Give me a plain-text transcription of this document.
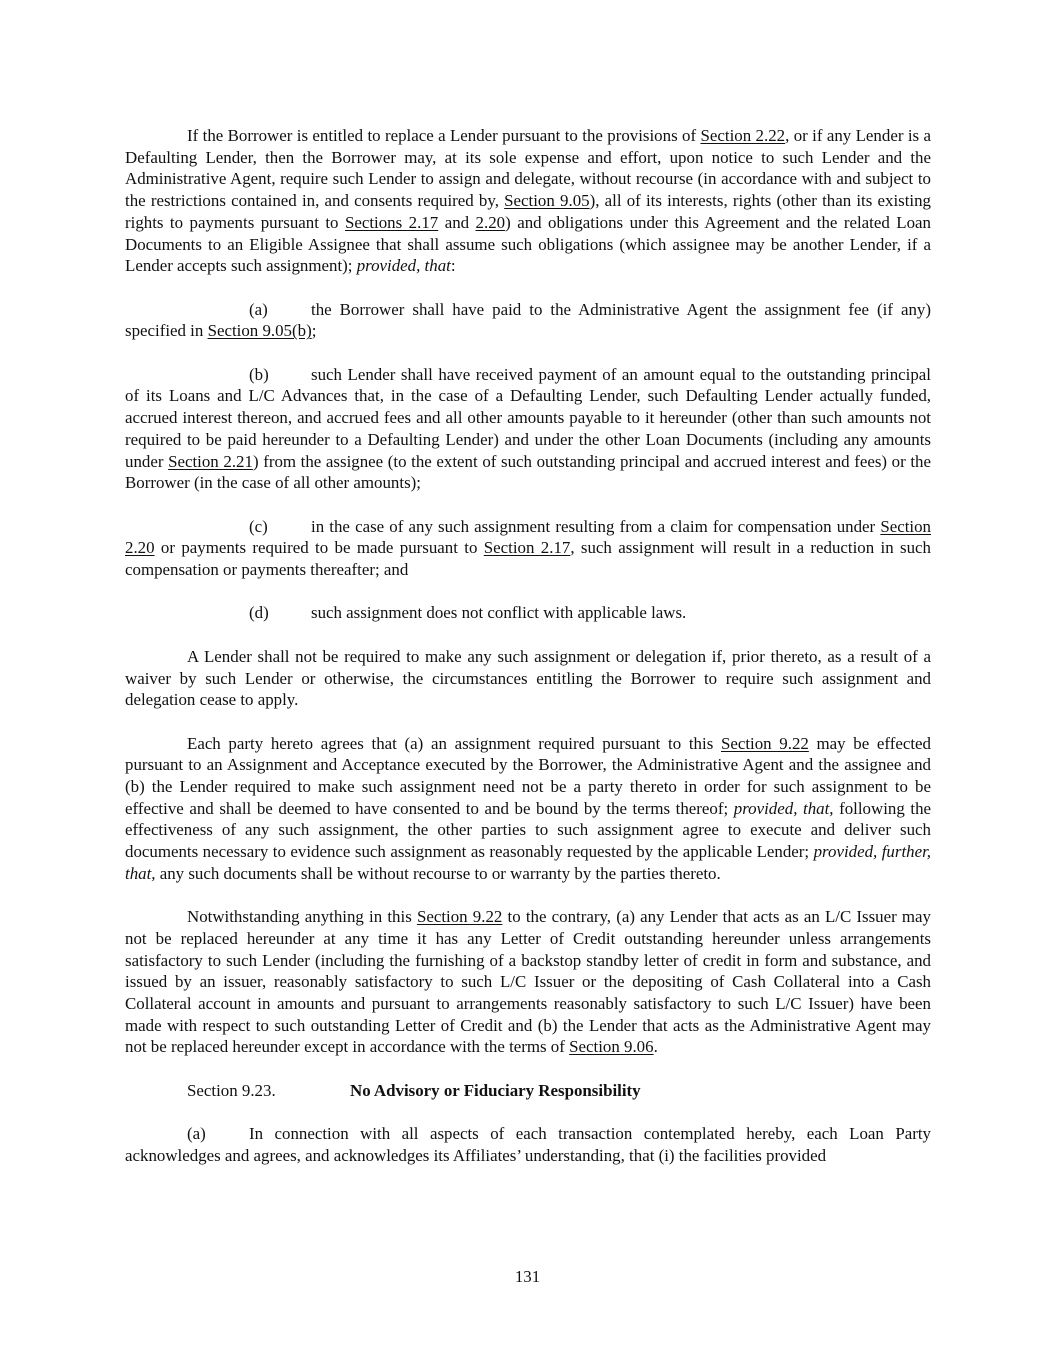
If the Borrower is entitled to replace a Lender pursuant to the provisions of Section 2.22, or if any Lender is a Defaulting Lender, then the Borrower may, at its sole expense and effort, upon notice to such Lender and the Administrative Agent, require such Lender to assign and delegate, without recourse (in accordance with and subject to the restrictions contained in, and consents required by, Section 9.05), all of its interests, rights (other than its existing rights to payments pursuant to Sections 2.17 and 2.20) and obligations under this Agreement and the related Loan Documents to an Eligible Assignee that shall assume such obligations (which assignee may be another Lender, if a Lender accepts such assignment); provided, that:

(a)	the Borrower shall have paid to the Administrative Agent the assignment fee (if any) specified in Section 9.05(b);

(b)	such Lender shall have received payment of an amount equal to the outstanding principal of its Loans and L/C Advances that, in the case of a Defaulting Lender, such Defaulting Lender actually funded, accrued interest thereon, and accrued fees and all other amounts payable to it hereunder (other than such amounts not required to be paid hereunder to a Defaulting Lender) and under the other Loan Documents (including any amounts under Section 2.21) from the assignee (to the extent of such outstanding principal and accrued interest and fees) or the Borrower (in the case of all other amounts);

(c)	in the case of any such assignment resulting from a claim for compensation under Section 2.20 or payments required to be made pursuant to Section 2.17, such assignment will result in a reduction in such compensation or payments thereafter; and

(d)	such assignment does not conflict with applicable laws.

A Lender shall not be required to make any such assignment or delegation if, prior thereto, as a result of a waiver by such Lender or otherwise, the circumstances entitling the Borrower to require such assignment and delegation cease to apply.

Each party hereto agrees that (a) an assignment required pursuant to this Section 9.22 may be effected pursuant to an Assignment and Acceptance executed by the Borrower, the Administrative Agent and the assignee and (b) the Lender required to make such assignment need not be a party thereto in order for such assignment to be effective and shall be deemed to have consented to and be bound by the terms thereof; provided, that, following the effectiveness of any such assignment, the other parties to such assignment agree to execute and deliver such documents necessary to evidence such assignment as reasonably requested by the applicable Lender; provided, further, that, any such documents shall be without recourse to or warranty by the parties thereto.

Notwithstanding anything in this Section 9.22 to the contrary, (a) any Lender that acts as an L/C Issuer may not be replaced hereunder at any time it has any Letter of Credit outstanding hereunder unless arrangements satisfactory to such Lender (including the furnishing of a backstop standby letter of credit in form and substance, and issued by an issuer, reasonably satisfactory to such L/C Issuer or the depositing of Cash Collateral into a Cash Collateral account in amounts and pursuant to arrangements reasonably satisfactory to such L/C Issuer) have been made with respect to such outstanding Letter of Credit and (b) the Lender that acts as the Administrative Agent may not be replaced hereunder except in accordance with the terms of Section 9.06.

Section 9.23.	No Advisory or Fiduciary Responsibility

(a)	In connection with all aspects of each transaction contemplated hereby, each Loan Party acknowledges and agrees, and acknowledges its Affiliates’ understanding, that (i) the facilities provided

131
